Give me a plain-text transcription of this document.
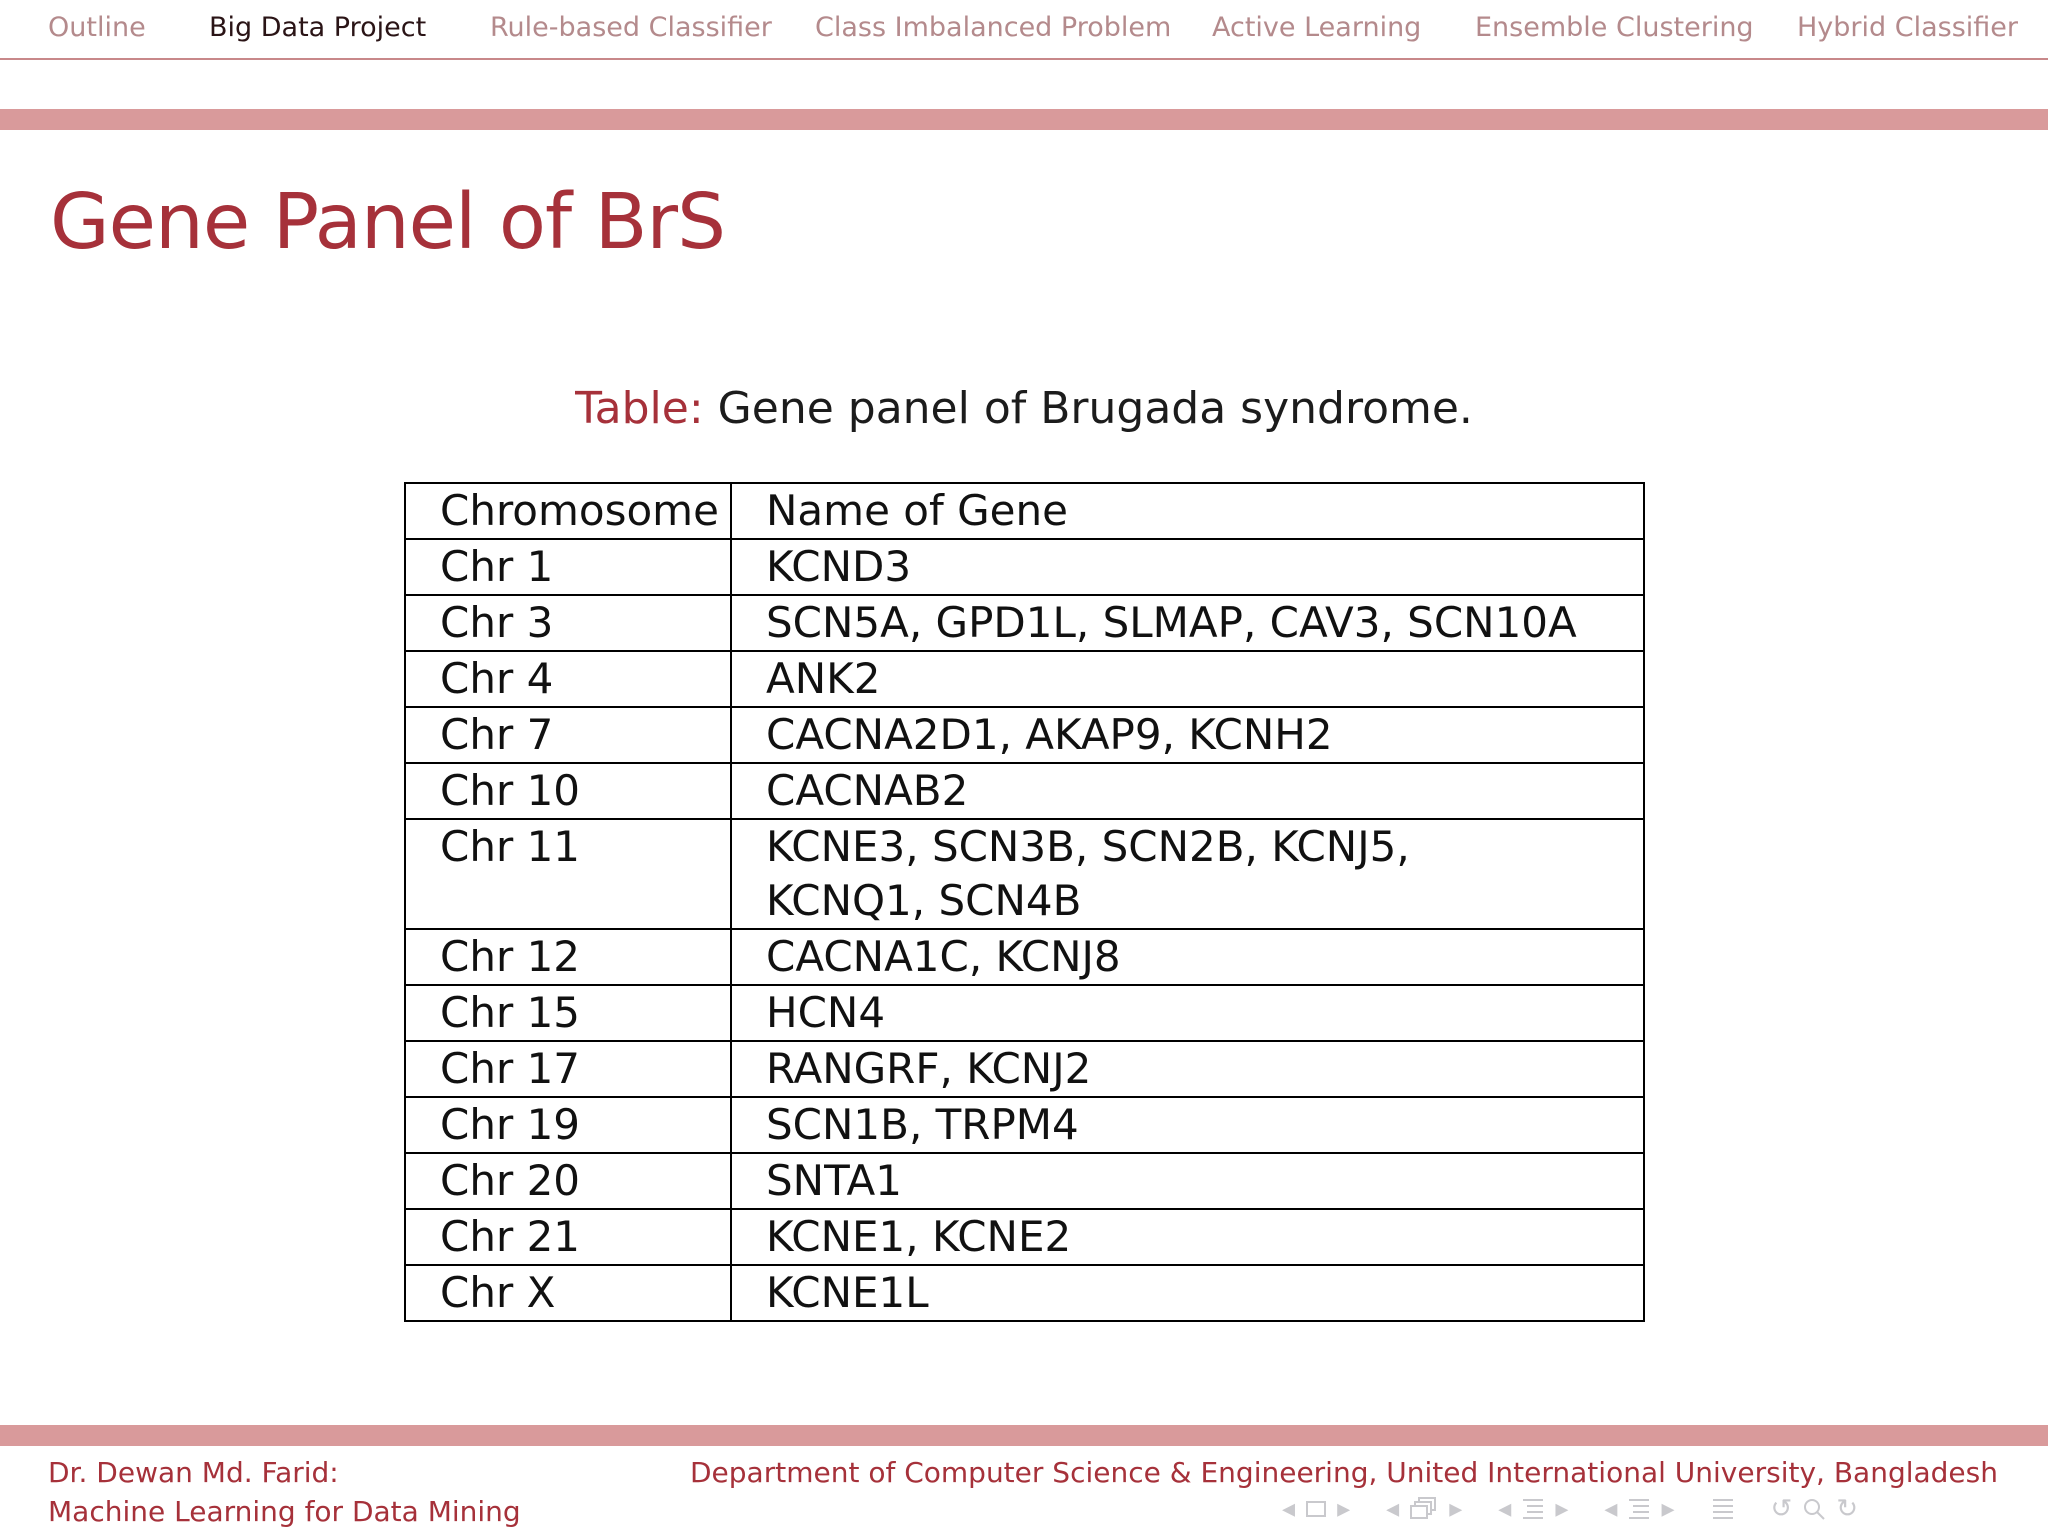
Outline Big Data Project Rule-based Classifier Class Imbalanced Problem Active Learning Ensemble Clustering Hybrid Classifier
Gene Panel of BrS
Table: Gene panel of Brugada syndrome.
Chromosome	Name of Gene
Chr 1	KCND3
Chr 3	SCN5A, GPD1L, SLMAP, CAV3, SCN10A
Chr 4	ANK2
Chr 7	CACNA2D1, AKAP9, KCNH2
Chr 10	CACNAB2
Chr 11	KCNE3, SCN3B, SCN2B, KCNJ5,
KCNQ1, SCN4B

Chr 12	CACNA1C, KCNJ8
Chr 15	HCN4
Chr 17	RANGRF, KCNJ2
Chr 19	SCN1B, TRPM4
Chr 20	SNTA1
Chr 21	KCNE1, KCNE2
Chr X	KCNE1L
Dr. Dewan Md. Farid:
Machine Learning for Data Mining
Department of Computer Science & Engineering, United International University, Bangladesh
◂ ▸ ◂ ▸ ◂ ▸ ◂ ▸	↺ ↻
